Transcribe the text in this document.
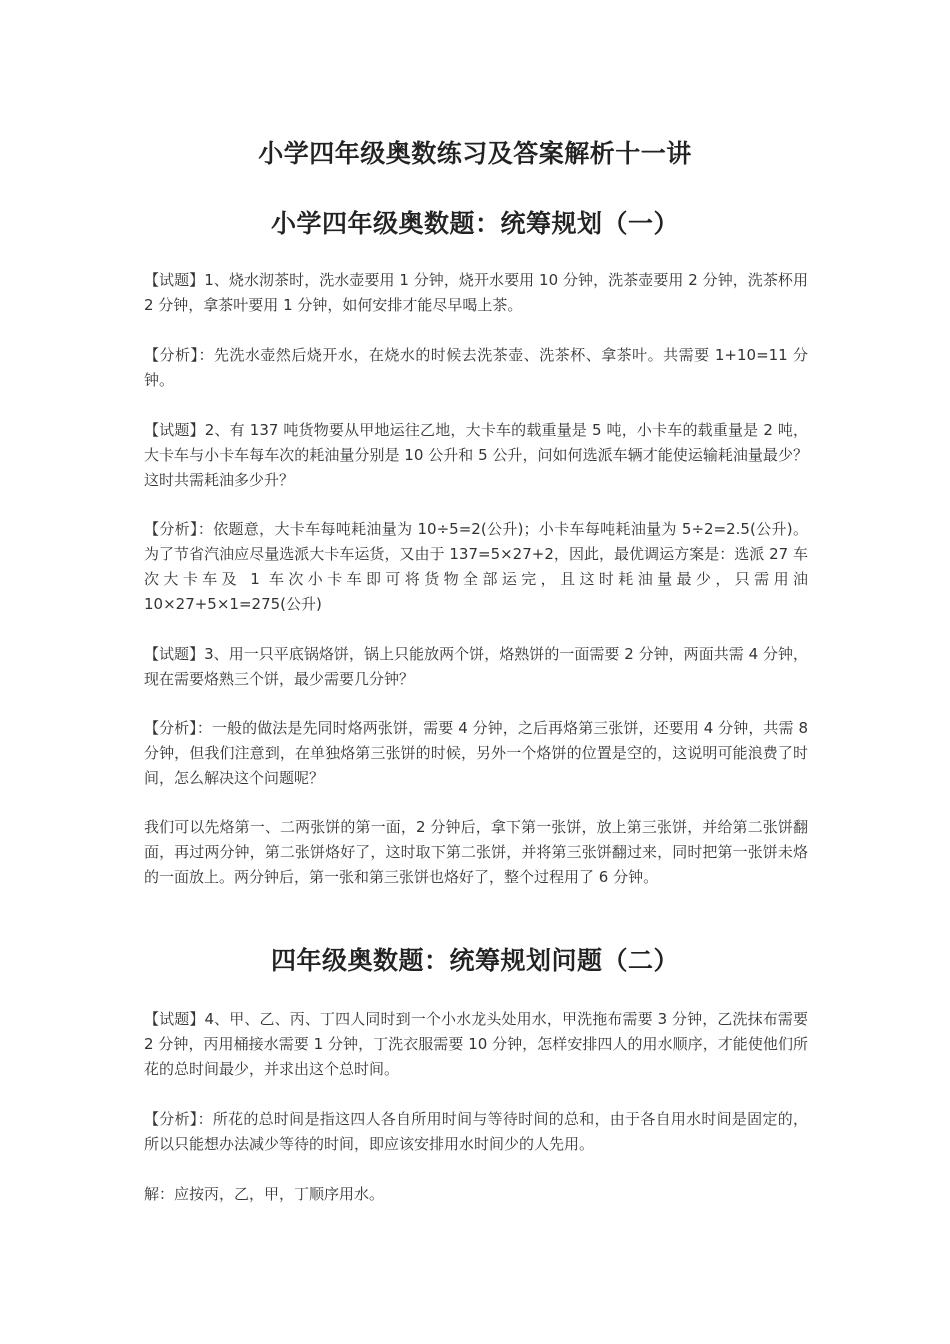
小学四年级奥数练习及答案解析十一讲
小学四年级奥数题：统筹规划（一）

【试题】1、烧水沏茶时，洗水壶要用 1 分钟，烧开水要用 10 分钟，洗茶壶要用 2 分钟，洗茶杯用 2 分钟，拿茶叶要用 1 分钟，如何安排才能尽早喝上茶。

【分析】：先洗水壶然后烧开水，在烧水的时候去洗茶壶、洗茶杯、拿茶叶。共需要 1+10=11 分钟。

【试题】2、有 137 吨货物要从甲地运往乙地，大卡车的载重量是 5 吨，小卡车的载重量是 2 吨，大卡车与小卡车每车次的耗油量分别是 10 公升和 5 公升，问如何选派车辆才能使运输耗油量最少？这时共需耗油多少升？

【分析】：依题意，大卡车每吨耗油量为 10÷5=2(公升)；小卡车每吨耗油量为 5÷2=2.5(公升)。为了节省汽油应尽量选派大卡车运货，又由于 137=5×27+2，因此，最优调运方案是：选派 27 车次大卡车及 1 车次小卡车即可将货物全部运完，且这时耗油量最少，只需用油 10×27+5×1=275(公升)

【试题】3、用一只平底锅烙饼，锅上只能放两个饼，烙熟饼的一面需要 2 分钟，两面共需 4 分钟，现在需要烙熟三个饼，最少需要几分钟？

【分析】：一般的做法是先同时烙两张饼，需要 4 分钟，之后再烙第三张饼，还要用 4 分钟，共需 8 分钟，但我们注意到，在单独烙第三张饼的时候，另外一个烙饼的位置是空的，这说明可能浪费了时间，怎么解决这个问题呢？

我们可以先烙第一、二两张饼的第一面，2 分钟后，拿下第一张饼，放上第三张饼，并给第二张饼翻面，再过两分钟，第二张饼烙好了，这时取下第二张饼，并将第三张饼翻过来，同时把第一张饼未烙的一面放上。两分钟后，第一张和第三张饼也烙好了，整个过程用了 6 分钟。

四年级奥数题：统筹规划问题（二）

【试题】4、甲、乙、丙、丁四人同时到一个小水龙头处用水，甲洗拖布需要 3 分钟，乙洗抹布需要 2 分钟，丙用桶接水需要 1 分钟，丁洗衣服需要 10 分钟，怎样安排四人的用水顺序，才能使他们所花的总时间最少，并求出这个总时间。

【分析】：所花的总时间是指这四人各自所用时间与等待时间的总和，由于各自用水时间是固定的，所以只能想办法减少等待的时间，即应该安排用水时间少的人先用。

解：应按丙，乙，甲，丁顺序用水。
